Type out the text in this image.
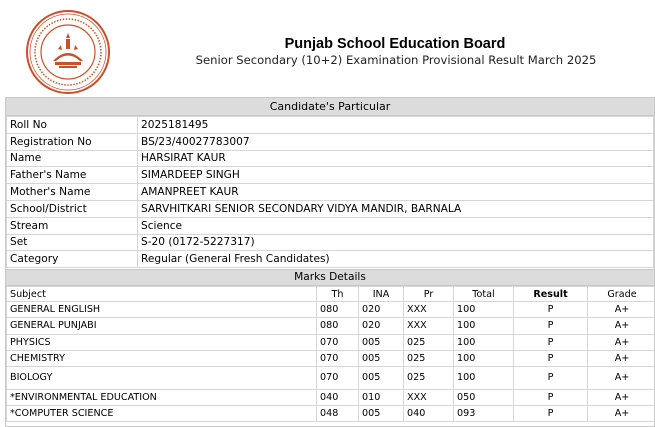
Punjab School Education Board
Senior Secondary (10+2) Examination Provisional Result March 2025
Candidate's Particular
Roll No	2025181495
Registration No	BS/23/40027783007
Name	HARSIRAT KAUR
Father's Name	SIMARDEEP SINGH
Mother's Name	AMANPREET KAUR
School/District	SARVHITKARI SENIOR SECONDARY VIDYA MANDIR, BARNALA
Stream	Science
Set	S-20 (0172-5227317)
Category	Regular (General Fresh Candidates)
Marks Details
Subject	Th	INA	Pr	Total	Result	Grade
GENERAL ENGLISH	080	020	XXX	100	P	A+
GENERAL PUNJABI	080	020	XXX	100	P	A+
PHYSICS	070	005	025	100	P	A+
CHEMISTRY	070	005	025	100	P	A+
BIOLOGY	070	005	025	100	P	A+
*ENVIRONMENTAL EDUCATION	040	010	XXX	050	P	A+
*COMPUTER SCIENCE	048	005	040	093	P	A+
